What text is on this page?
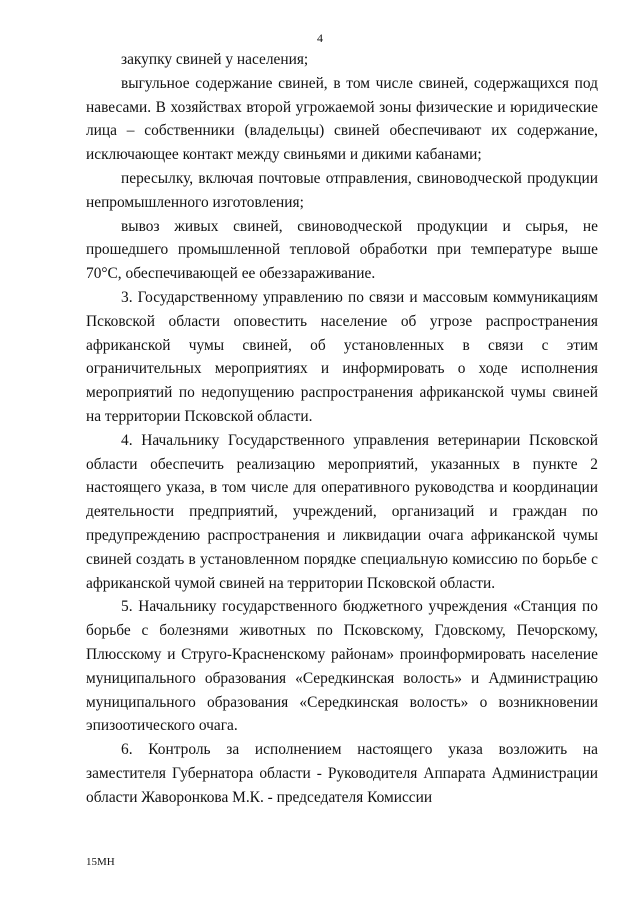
4

закупку свиней у населения;

выгульное содержание свиней, в том числе свиней, содержащихся под навесами. В хозяйствах второй угрожаемой зоны физические и юридические лица – собственники (владельцы) свиней обеспечивают их содержание, исключающее контакт между свиньями и дикими кабанами;

пересылку, включая почтовые отправления, свиноводческой продукции непромышленного изготовления;

вывоз живых свиней, свиноводческой продукции и сырья, не прошедшего промышленной тепловой обработки при температуре выше 70°С, обеспечивающей ее обеззараживание.

3. Государственному управлению по связи и массовым коммуникациям Псковской области оповестить население об угрозе распространения африканской чумы свиней, об установленных в связи с этим ограничительных мероприятиях и информировать о ходе исполнения мероприятий по недопущению распространения африканской чумы свиней на территории Псковской области.

4. Начальнику Государственного управления ветеринарии Псковской области обеспечить реализацию мероприятий, указанных в пункте 2 настоящего указа, в том числе для оперативного руководства и координации деятельности предприятий, учреждений, организаций и граждан по предупреждению распространения и ликвидации очага африканской чумы свиней создать в установленном порядке специальную комиссию по борьбе с африканской чумой свиней на территории Псковской области.

5. Начальнику государственного бюджетного учреждения «Станция по борьбе с болезнями животных по Псковскому, Гдовскому, Печорскому, Плюсскому и Струго-Красненскому районам» проинформировать население муниципального образования «Середкинская волость» и Администрацию муниципального образования «Середкинская волость» о возникновении эпизоотического очага.

6. Контроль за исполнением настоящего указа возложить на заместителя Губернатора области - Руководителя Аппарата Администрации области Жаворонкова М.К. - председателя Комиссии

15МН
